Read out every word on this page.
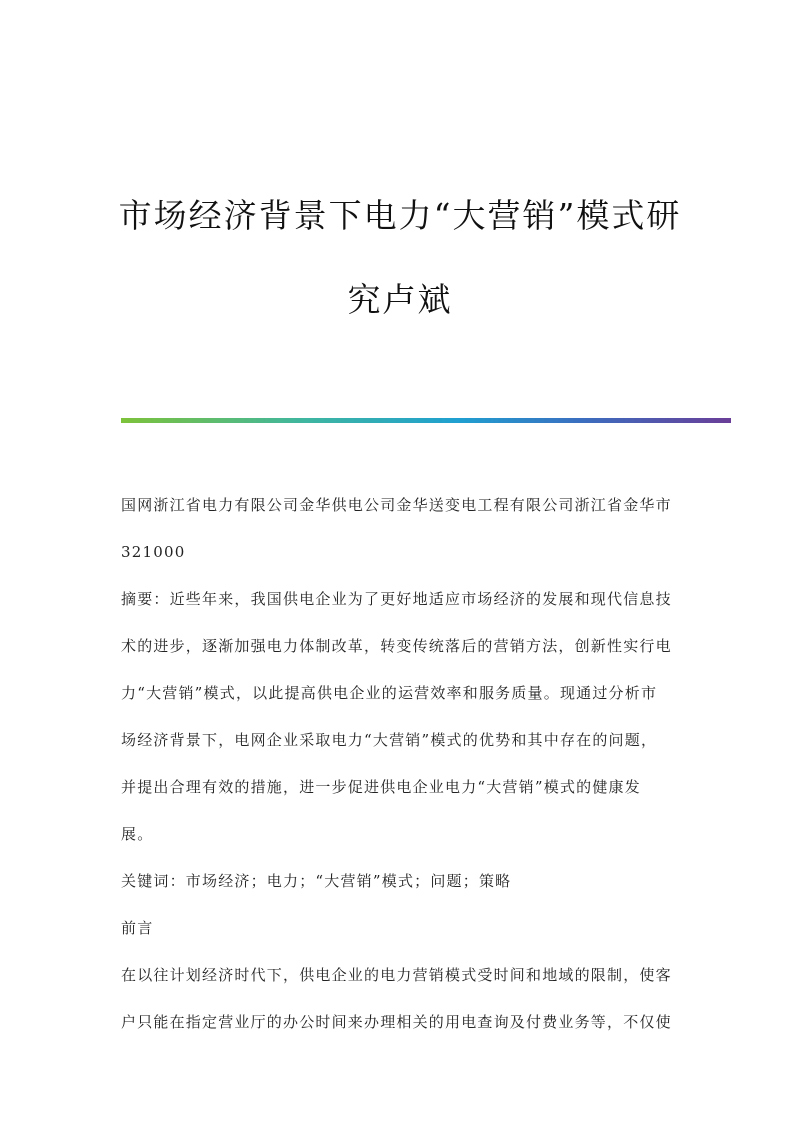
市场经济背景下电力“大营销”模式研
究卢斌

国网浙江省电力有限公司金华供电公司金华送变电工程有限公司浙江省金华市

321000

摘要：近些年来，我国供电企业为了更好地适应市场经济的发展和现代信息技

术的进步，逐渐加强电力体制改革，转变传统落后的营销方法，创新性实行电

力“大营销”模式，以此提高供电企业的运营效率和服务质量。现通过分析市

场经济背景下，电网企业采取电力“大营销”模式的优势和其中存在的问题，

并提出合理有效的措施，进一步促进供电企业电力“大营销”模式的健康发

展。

关键词：市场经济；电力；“大营销”模式；问题；策略

前言

在以往计划经济时代下，供电企业的电力营销模式受时间和地域的限制，使客

户只能在指定营业厅的办公时间来办理相关的用电查询及付费业务等，不仅使
